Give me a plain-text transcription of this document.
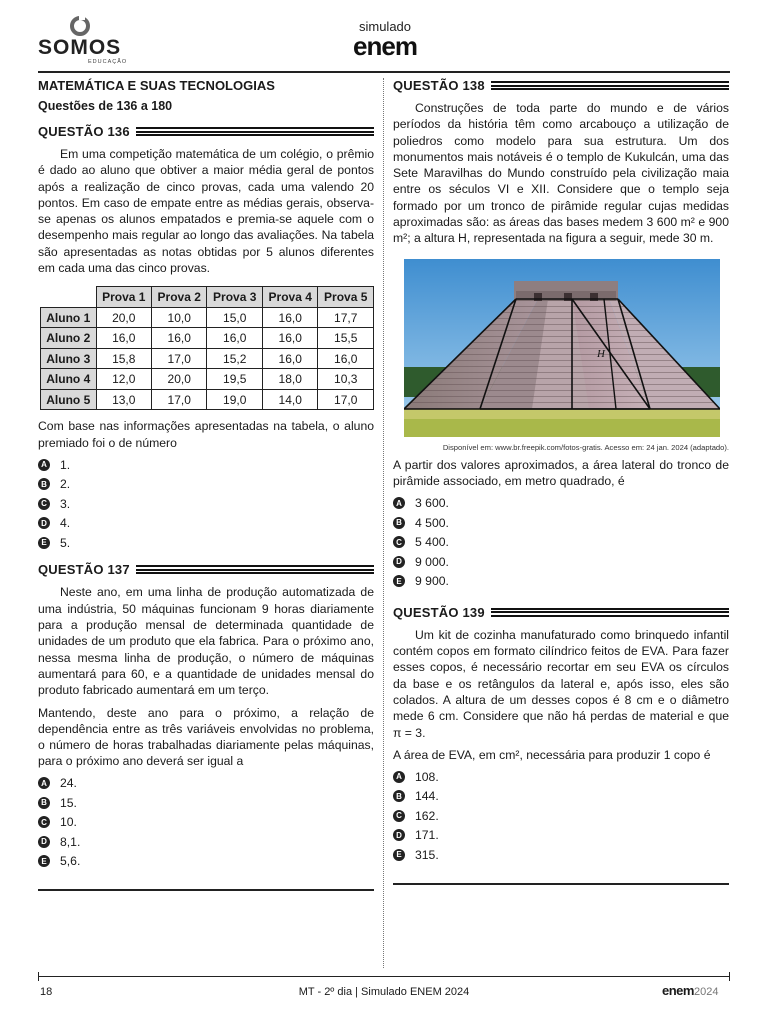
SOMOS
EDUCAÇÃO
simulado
enem
MATEMÁTICA E SUAS TECNOLOGIAS
Questões de 136 a 180
QUESTÃO 136

Em uma competição matemática de um colégio, o prêmio é dado ao aluno que obtiver a maior média geral de pontos após a realização de cinco provas, cada uma valendo 20 pontos. Em caso de empate entre as médias gerais, observa-se apenas os alunos empatados e premia-se aquele com o desempenho mais regular ao longo das avaliações. Na tabela são apresentadas as notas obtidas por 5 alunos diferentes em cada uma das cinco provas.

	Prova 1	Prova 2	Prova 3	Prova 4	Prova 5
Aluno 1	20,0	10,0	15,0	16,0	17,7
Aluno 2	16,0	16,0	16,0	16,0	15,5
Aluno 3	15,8	17,0	15,2	16,0	16,0
Aluno 4	12,0	20,0	19,5	18,0	10,3
Aluno 5	13,0	17,0	19,0	14,0	17,0

Com base nas informações apresentadas na tabela, o aluno premiado foi o de número

A 1.
B 2.
C 3.
D 4.
E 5.
QUESTÃO 137

Neste ano, em uma linha de produção automatizada de uma indústria, 50 máquinas funcionam 9 horas diariamente para a produção mensal de determinada quantidade de unidades de um produto que ela fabrica. Para o próximo ano, nessa mesma linha de produção, o número de máquinas aumentará para 60, e a quantidade de unidades mensal do produto fabricado aumentará em um terço.

Mantendo, deste ano para o próximo, a relação de dependência entre as três variáveis envolvidas no problema, o número de horas trabalhadas diariamente pelas máquinas, para o próximo ano deverá ser igual a

A 24.
B 15.
C 10.
D 8,1.
E 5,6.
QUESTÃO 138

Construções de toda parte do mundo e de vários períodos da história têm como arcabouço a utilização de poliedros como modelo para sua estrutura. Um dos monumentos mais notáveis é o templo de Kukulcán, uma das Sete Maravilhas do Mundo construído pela civilização maia entre os séculos VI e XII. Considere que o templo seja formado por um tronco de pirâmide regular cujas medidas aproximadas são: as áreas das bases medem 3 600 m² e 900 m²; a altura H, representada na figura a seguir, mede 30 m.

H
Disponível em: www.br.freepik.com/fotos-gratis. Acesso em: 24 jan. 2024 (adaptado).

A partir dos valores aproximados, a área lateral do tronco de pirâmide associado, em metro quadrado, é

A 3 600.
B 4 500.
C 5 400.
D 9 000.
E 9 900.
QUESTÃO 139

Um kit de cozinha manufaturado como brinquedo infantil contém copos em formato cilíndrico feitos de EVA. Para fazer esses copos, é necessário recortar em seu EVA os círculos da base e os retângulos da lateral e, após isso, eles são colados. A altura de um desses copos é 8 cm e o diâmetro mede 6 cm. Considere que não há perdas de material e que π = 3.

A área de EVA, em cm², necessária para produzir 1 copo é

A 108.
B 144.
C 162.
D 171.
E 315.
18	MT - 2º dia | Simulado ENEM 2024	enem2024
